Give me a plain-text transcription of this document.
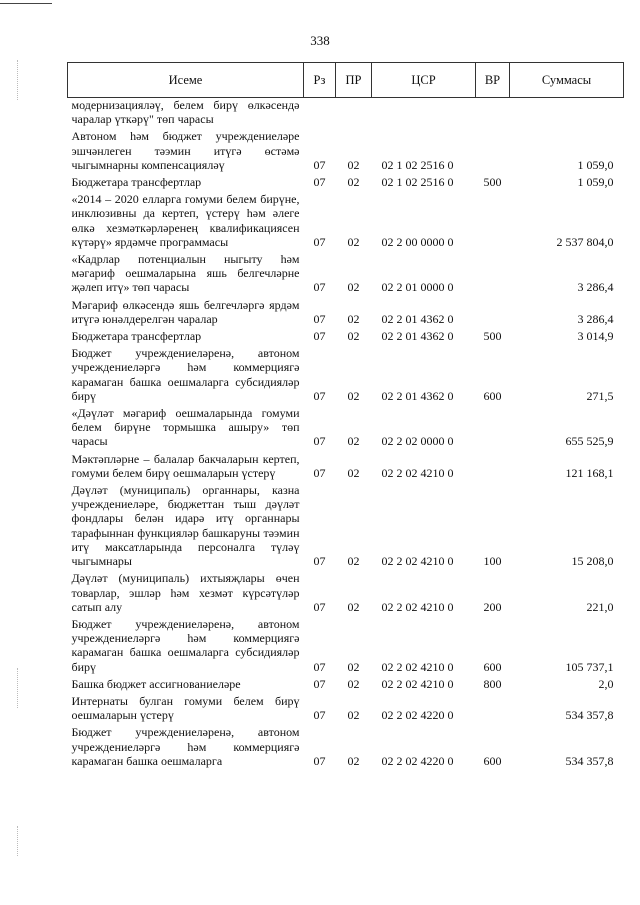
338
Исеме	Рз	ПР	ЦСР	ВР	Суммасы
модернизацияләү, белем бирү өлкәсендә чаралар үткәрү" төп чарасы					
Автоном һәм бюджет учреждениеләре эшчәнлеген тәэмин итүгә өстәмә чыгымнарны компенсацияләү	07	02	02 1 02 2516 0		1 059,0
Бюджетара трансфертлар	07	02	02 1 02 2516 0	500	1 059,0
«2014 – 2020 елларга гомуми белем бирүне, инклюзивны да кертеп, үстерү һәм әлеге өлкә хезмәткәрләренең квалификациясен күтәрү» ярдәмче программасы	07	02	02 2 00 0000 0		2 537 804,0
«Кадрлар потенциалын ныгыту һәм мәгариф оешмаларына яшь белгечләрне җәлеп итү» төп чарасы	07	02	02 2 01 0000 0		3 286,4
Мәгариф өлкәсендә яшь белгечләргә ярдәм итүгә юнәлдерелгән чаралар	07	02	02 2 01 4362 0		3 286,4
Бюджетара трансфертлар	07	02	02 2 01 4362 0	500	3 014,9
Бюджет учреждениеләренә, автоном учреждениеләргә һәм коммерциягә карамаган башка оешмаларга субсидияләр бирү	07	02	02 2 01 4362 0	600	271,5
«Дәүләт мәгариф оешмаларында гомуми белем бирүне тормышка ашыру» төп чарасы	07	02	02 2 02 0000 0		655 525,9
Мәктәпләрне – балалар бакчаларын кертеп, гомуми белем бирү оешмаларын үстерү	07	02	02 2 02 4210 0		121 168,1
Дәүләт (муниципаль) органнары, казна учреждениеләре, бюджеттан тыш дәүләт фондлары белән идарә итү органнары тарафыннан функцияләр башкаруны тәэмин итү максатларында персоналга түләү чыгымнары	07	02	02 2 02 4210 0	100	15 208,0
Дәүләт (муниципаль) ихтыяҗлары өчен товарлар, эшләр һәм хезмәт күрсәтүләр сатып алу	07	02	02 2 02 4210 0	200	221,0
Бюджет учреждениеләренә, автоном учреждениеләргә һәм коммерциягә карамаган башка оешмаларга субсидияләр бирү	07	02	02 2 02 4210 0	600	105 737,1
Башка бюджет ассигнованиеләре	07	02	02 2 02 4210 0	800	2,0
Интернаты булган гомуми белем бирү оешмаларын үстерү	07	02	02 2 02 4220 0		534 357,8
Бюджет учреждениеләренә, автоном учреждениеләргә һәм коммерциягә карамаган башка оешмаларга	07	02	02 2 02 4220 0	600	534 357,8
